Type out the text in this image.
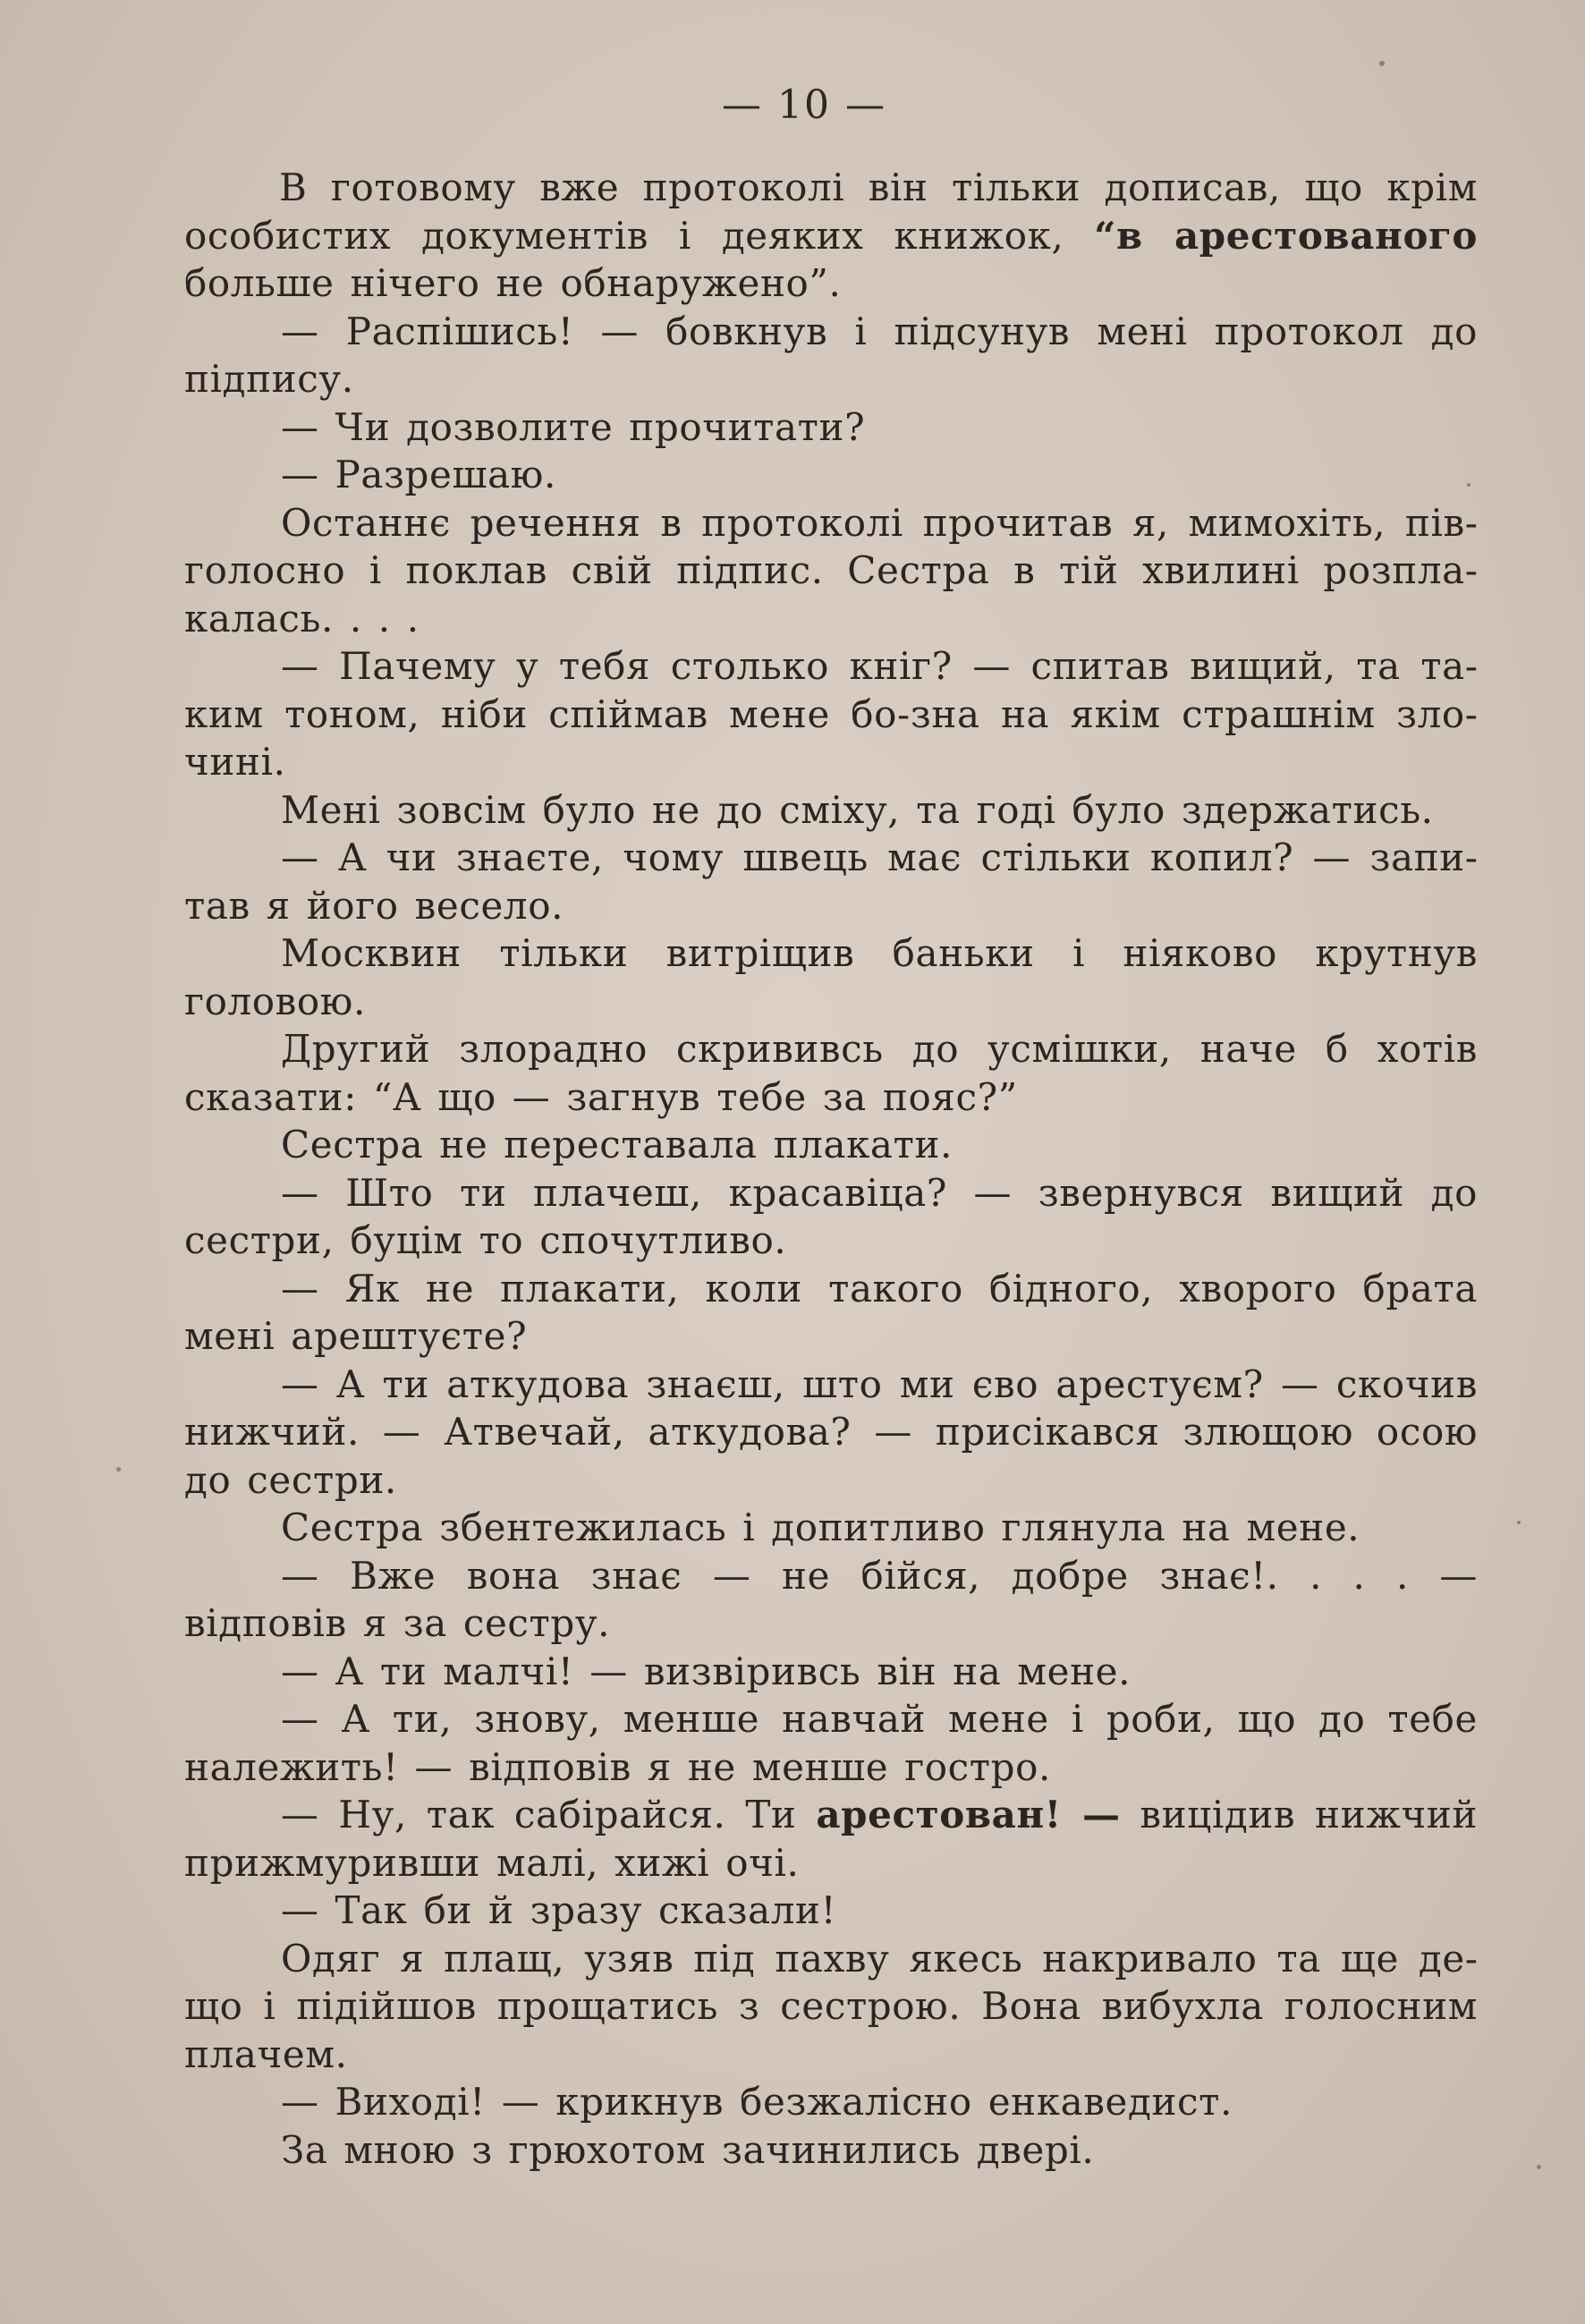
— 10 —

В готовому вже протоколі він тільки дописав, що крім особистих документів і деяких книжок, “в арестованого больше нічего не обнаружено”.

— Распішись! — бовкнув і підсунув мені протокол до підпису.

— Чи дозволите прочитати?

— Разрешаю.

Останнє речення в протоколі прочитав я, мимохіть, півголосно і поклав свій підпис. Сестра в тій хвилині розплакалась. . . .

— Пачему у тебя столько кніг? — спитав вищий, та таким тоном, ніби спіймав мене бо-зна на якім страшнім злочині.

Мені зовсім було не до сміху, та годі було здержатись.

— А чи знаєте, чому швець має стільки копил? — запитав я його весело.

Москвин тільки витріщив баньки і ніяково крутнув головою.

Другий злорадно скрививсь до усмішки, наче б хотів сказати: “А що — загнув тебе за пояс?”

Сестра не переставала плакати.

— Што ти плачеш, красавіца? — звернувся вищий до сестри, буцім то спочутливо.

— Як не плакати, коли такого бідного, хворого брата мені арештуєте?

— А ти аткудова знаєш, што ми єво арестуєм? — скочив нижчий. — Атвечай, аткудова? — присікався злющою осою до сестри.

Сестра збентежилась і допитливо глянула на мене.

— Вже вона знає — не бійся, добре знає!. . . . — відповів я за сестру.

— А ти малчі! — визвіривсь він на мене.

— А ти, знову, менше навчай мене і роби, що до тебе належить! — відповів я не менше гостро.

— Ну, так сабірайся. Ти арестован! — вицідив нижчий прижмуривши малі, хижі очі.

— Так би й зразу сказали!

Одяг я плащ, узяв під пахву якесь накривало та ще дещо і підійшов прощатись з сестрою. Вона вибухла голосним плачем.

— Виході! — крикнув безжалісно енкаведист.

За мною з грюхотом зачинились двері.
